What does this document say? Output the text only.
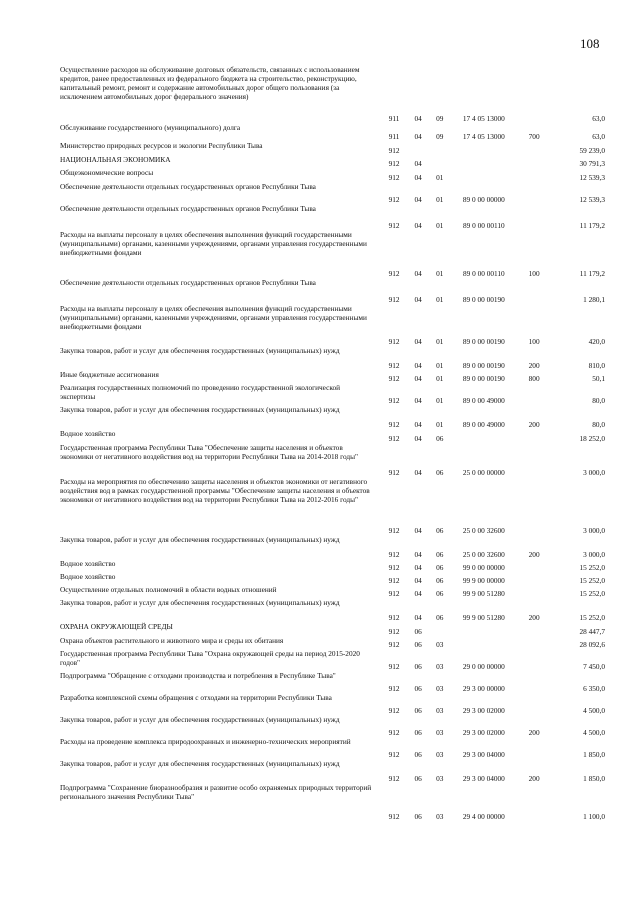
108
Осуществление расходов на обслуживание долговых обязательств, связанных с использованием кредитов, ранее предоставленных из федерального бюджета на строительство, реконструкцию, капитальный ремонт, ремонт и содержание автомобильных дорог общего пользования (за исключением автомобильных дорог федерального значения)	911	04	09	17 4 05 13000		63,0
Обслуживание государственного (муниципального) долга	911	04	09	17 4 05 13000	700	63,0
Министерство природных ресурсов и экологии Республики Тыва	912					59 239,0
НАЦИОНАЛЬНАЯ ЭКОНОМИКА	912	04				30 791,3
Общеэкономические вопросы	912	04	01			12 539,3
Обеспечение деятельности отдельных государственных органов Республики Тыва	912	04	01	89 0 00 00000		12 539,3
Обеспечение деятельности отдельных государственных органов Республики Тыва	912	04	01	89 0 00 00110		11 179,2
Расходы на выплаты персоналу в целях обеспечения выполнения функций государственными (муниципальными) органами, казенными учреждениями, органами управления государственными внебюджетными фондами	912	04	01	89 0 00 00110	100	11 179,2
Обеспечение деятельности отдельных государственных органов Республики Тыва	912	04	01	89 0 00 00190		1 280,1
Расходы на выплаты персоналу в целях обеспечения выполнения функций государственными (муниципальными) органами, казенными учреждениями, органами управления государственными внебюджетными фондами	912	04	01	89 0 00 00190	100	420,0
Закупка товаров, работ и услуг для обеспечения государственных (муниципальных) нужд	912	04	01	89 0 00 00190	200	810,0
Иные бюджетные ассигнования	912	04	01	89 0 00 00190	800	50,1
Реализация государственных полномочий по проведению государственной экологической экспертизы	912	04	01	89 0 00 49000		80,0
Закупка товаров, работ и услуг для обеспечения государственных (муниципальных) нужд	912	04	01	89 0 00 49000	200	80,0
Водное хозяйство	912	04	06			18 252,0
Государственная программа Республики Тыва "Обеспечение защиты населения и объектов экономики от негативного воздействия вод на территории Республики Тыва на 2014-2018 годы"	912	04	06	25 0 00 00000		3 000,0
Расходы на мероприятия по обеспечению защиты населения и объектов экономики от негативного воздействия вод в рамках государственной программы "Обеспечение защиты населения и объектов экономики от негативного воздействия вод на территории Республики Тыва на 2012-2016 годы"	912	04	06	25 0 00 32600		3 000,0
Закупка товаров, работ и услуг для обеспечения государственных (муниципальных) нужд	912	04	06	25 0 00 32600	200	3 000,0
Водное хозяйство	912	04	06	99 0 00 00000		15 252,0
Водное хозяйство	912	04	06	99 9 00 00000		15 252,0
Осуществление отдельных полномочий в области водных отношений	912	04	06	99 9 00 51280		15 252,0
Закупка товаров, работ и услуг для обеспечения государственных (муниципальных) нужд	912	04	06	99 9 00 51280	200	15 252,0
ОХРАНА ОКРУЖАЮЩЕЙ СРЕДЫ	912	06				28 447,7
Охрана объектов растительного и животного мира и среды их обитания	912	06	03			28 092,6
Государственная программа Республики Тыва "Охрана окружающей среды на период 2015-2020 годов"	912	06	03	29 0 00 00000		7 450,0
Подпрограмма "Обращение с отходами производства и потребления в Республике Тыва"	912	06	03	29 3 00 00000		6 350,0
Разработка комплексной схемы обращения с отходами на территории Республики Тыва	912	06	03	29 3 00 02000		4 500,0
Закупка товаров, работ и услуг для обеспечения государственных (муниципальных) нужд	912	06	03	29 3 00 02000	200	4 500,0
Расходы на проведение комплекса природоохранных и инженерно-технических мероприятий	912	06	03	29 3 00 04000		1 850,0
Закупка товаров, работ и услуг для обеспечения государственных (муниципальных) нужд	912	06	03	29 3 00 04000	200	1 850,0
Подпрограмма "Сохранение биоразнообразия и развитие особо охраняемых природных территорий регионального значения Республики Тыва"	912	06	03	29 4 00 00000		1 100,0
